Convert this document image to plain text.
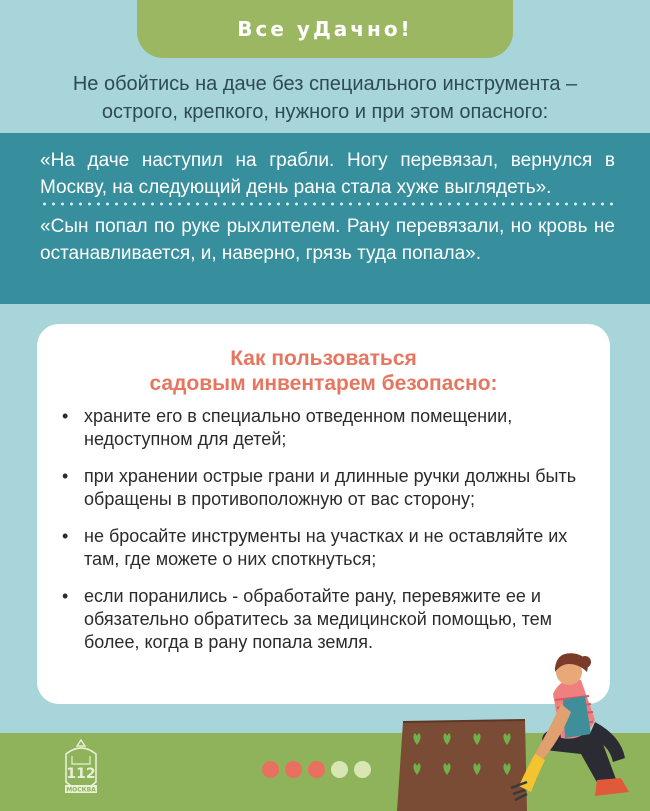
Все уДачно!
Не обойтись на даче без специального инструмента –
острого, крепкого, нужного и при этом опасного:
«На даче наступил на грабли. Ногу перевязал, вернулся в Москву, на следующий день рана стала хуже выглядеть».
«Сын попал по руке рыхлителем. Рану перевязали, но кровь не останавливается, и, наверно, грязь туда попала».
Как пользоваться
садовым инвентарем безопасно:
• храните его в специально отведенном помещении, недоступном для детей;
• при хранении острые грани и длинные ручки должны быть обращены в противоположную от вас сторону;
• не бросайте инструменты на участках и не оставляйте их там, где можете о них споткнуться;
• если поранились - обработайте рану, перевяжите ее и обязательно обратитесь за медицинской помощью, тем более, когда в рану попала земля.
112
МОСКВА
